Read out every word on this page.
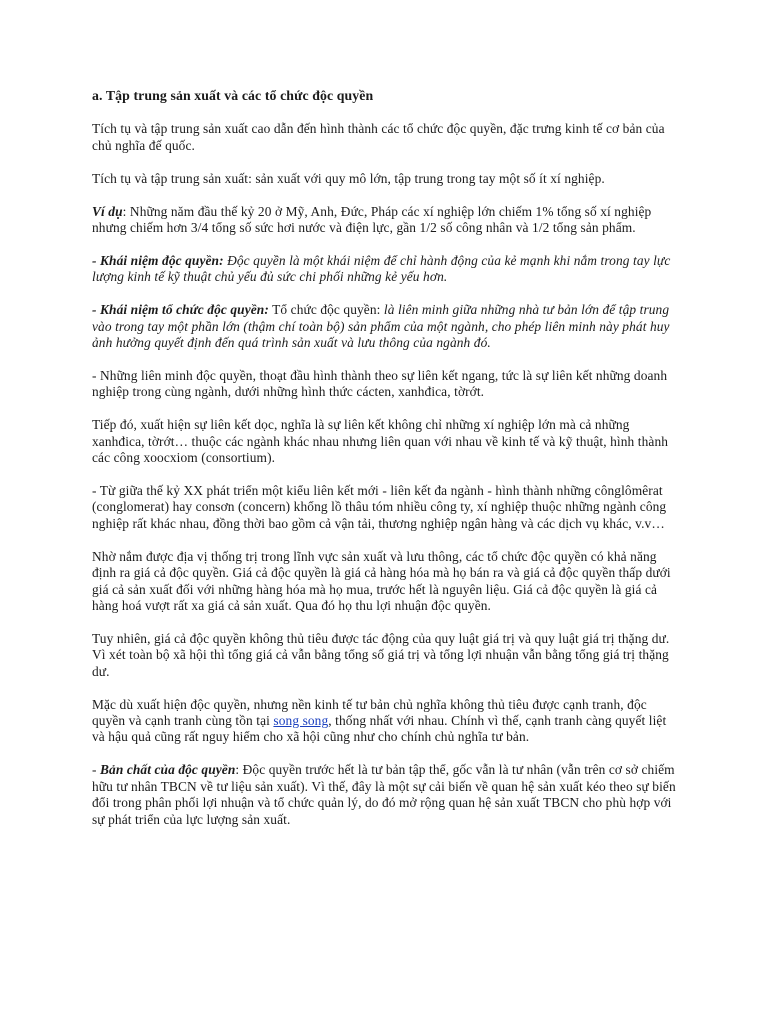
a. Tập trung sản xuất và các tổ chức độc quyền

Tích tụ và tập trung sản xuất cao dẫn đến hình thành các tổ chức độc quyền, đặc trưng kinh tế cơ bản của chủ nghĩa đế quốc.

Tích tụ và tập trung sản xuất: sản xuất với quy mô lớn, tập trung trong tay một số ít xí nghiệp.

Ví dụ: Những năm đầu thế kỷ 20 ở Mỹ, Anh, Đức, Pháp các xí nghiệp lớn chiếm 1% tổng số xí nghiệp nhưng chiếm hơn 3/4 tổng số sức hơi nước và điện lực, gần 1/2 số công nhân và 1/2 tổng sản phẩm.

- Khái niệm độc quyền: Độc quyền là một khái niệm để chỉ hành động của kẻ mạnh khi nắm trong tay lực lượng kinh tế kỹ thuật chủ yếu đủ sức chi phối những kẻ yếu hơn.

- Khái niệm tổ chức độc quyền: Tổ chức độc quyền: là liên minh giữa những nhà tư bản lớn để tập trung vào trong tay một phần lớn (thậm chí toàn bộ) sản phẩm của một ngành, cho phép liên minh này phát huy ảnh hưởng quyết định đến quá trình sản xuất và lưu thông của ngành đó.

- Những liên minh độc quyền, thoạt đầu hình thành theo sự liên kết ngang, tức là sự liên kết những doanh nghiệp trong cùng ngành, dưới những hình thức cácten, xanhđica, tờrớt.

Tiếp đó, xuất hiện sự liên kết dọc, nghĩa là sự liên kết không chỉ những xí nghiệp lớn mà cả những xanhđica, tờrớt… thuộc các ngành khác nhau nhưng liên quan với nhau về kinh tế và kỹ thuật, hình thành các công xoocxiom (consortium).

- Từ giữa thế kỷ XX phát triển một kiểu liên kết mới - liên kết đa ngành - hình thành những cônglômêrat (conglomerat) hay consơn (concern) khổng lồ thâu tóm nhiều công ty, xí nghiệp thuộc những ngành công nghiệp rất khác nhau, đồng thời bao gồm cả vận tải, thương nghiệp ngân hàng và các dịch vụ khác, v.v…

Nhờ nắm được địa vị thống trị trong lĩnh vực sản xuất và lưu thông, các tổ chức độc quyền có khả năng định ra giá cả độc quyền. Giá cả độc quyền là giá cả hàng hóa mà họ bán ra và giá cả độc quyền thấp dưới giá cả sản xuất đối với những hàng hóa mà họ mua, trước hết là nguyên liệu. Giá cả độc quyền là giá cả hàng hoá vượt rất xa giá cả sản xuất. Qua đó họ thu lợi nhuận độc quyền.

Tuy nhiên, giá cả độc quyền không thủ tiêu được tác động của quy luật giá trị và quy luật giá trị thặng dư. Vì xét toàn bộ xã hội thì tổng giá cả vẫn bằng tổng số giá trị và tổng lợi nhuận vẫn bằng tổng giá trị thặng dư.

Mặc dù xuất hiện độc quyền, nhưng nền kinh tế tư bản chủ nghĩa không thủ tiêu được cạnh tranh, độc quyền và cạnh tranh cùng tồn tại song song, thống nhất với nhau. Chính vì thế, cạnh tranh càng quyết liệt và hậu quả cũng rất nguy hiểm cho xã hội cũng như cho chính chủ nghĩa tư bản.

- Bản chất của độc quyền: Độc quyền trước hết là tư bản tập thể, gốc vẫn là tư nhân (vẫn trên cơ sở chiếm hữu tư nhân TBCN về tư liệu sản xuất). Vì thế, đây là một sự cải biến về quan hệ sản xuất kéo theo sự biến đổi trong phân phối lợi nhuận và tổ chức quản lý, do đó mở rộng quan hệ sản xuất TBCN cho phù hợp với sự phát triển của lực lượng sản xuất.
